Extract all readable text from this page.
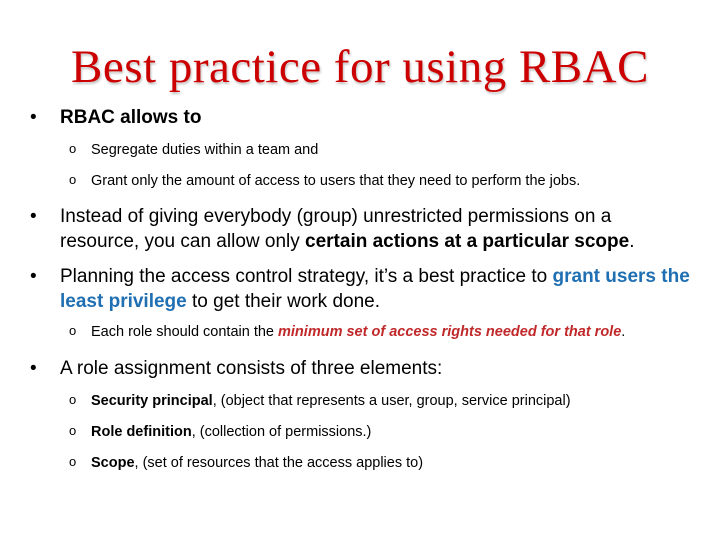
Best practice for using RBAC
• RBAC allows to
o Segregate duties within a team and
o Grant only the amount of access to users that they need to perform the jobs.
• Instead of giving everybody (group) unrestricted permissions on a resource, you can allow only certain actions at a particular scope.
• Planning the access control strategy, it’s a best practice to grant users the least privilege to get their work done.
o Each role should contain the minimum set of access rights needed for that role.
• A role assignment consists of three elements:
o Security principal, (object that represents a user, group, service principal)
o Role definition, (collection of permissions.)
o Scope, (set of resources that the access applies to)
